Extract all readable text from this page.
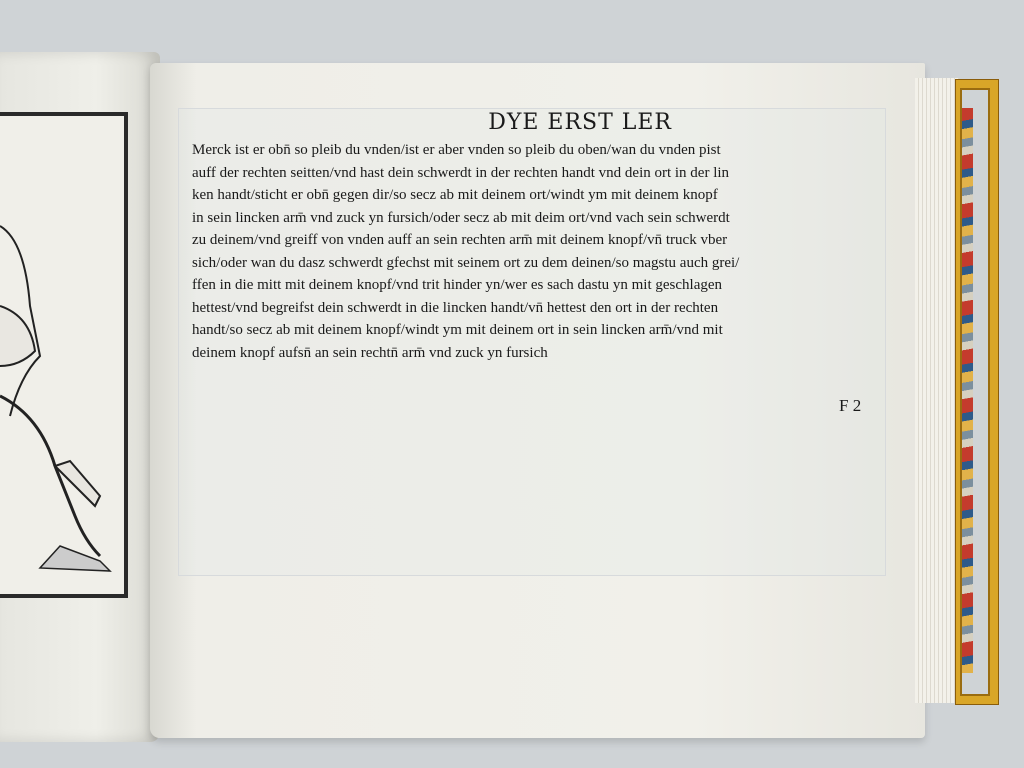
DYE ERST LER
Merck ist er obn̄ so pleib du vnden/ist er aber vnden so pleib du oben/wan du vnden pist
auff der rechten seitten/vnd hast dein schwerdt in der rechten handt vnd dein ort in der lin
ken handt/sticht er obn̄ gegen dir/so secz ab mit deinem ort/windt ym mit deinem knopf
in sein lincken arm̄ vnd zuck yn fursich/oder secz ab mit deim ort/vnd vach sein schwerdt
zu deinem/vnd greiff von vnden auff an sein rechten arm̄ mit deinem knopf/vn̄ truck vber
sich/oder wan du dasz schwerdt gfechst mit seinem ort zu dem deinen/so magstu auch grei/
ffen in die mitt mit deinem knopf/vnd trit hinder yn/wer es sach dastu yn mit geschlagen
hettest/vnd begreifst dein schwerdt in die lincken handt/vn̄ hettest den ort in der rechten
handt/so secz ab mit deinem knopf/windt ym mit deinem ort in sein lincken arm̄/vnd mit
deinem knopf aufsn̄ an sein rechtn̄ arm̄ vnd zuck yn fursich
F 2
